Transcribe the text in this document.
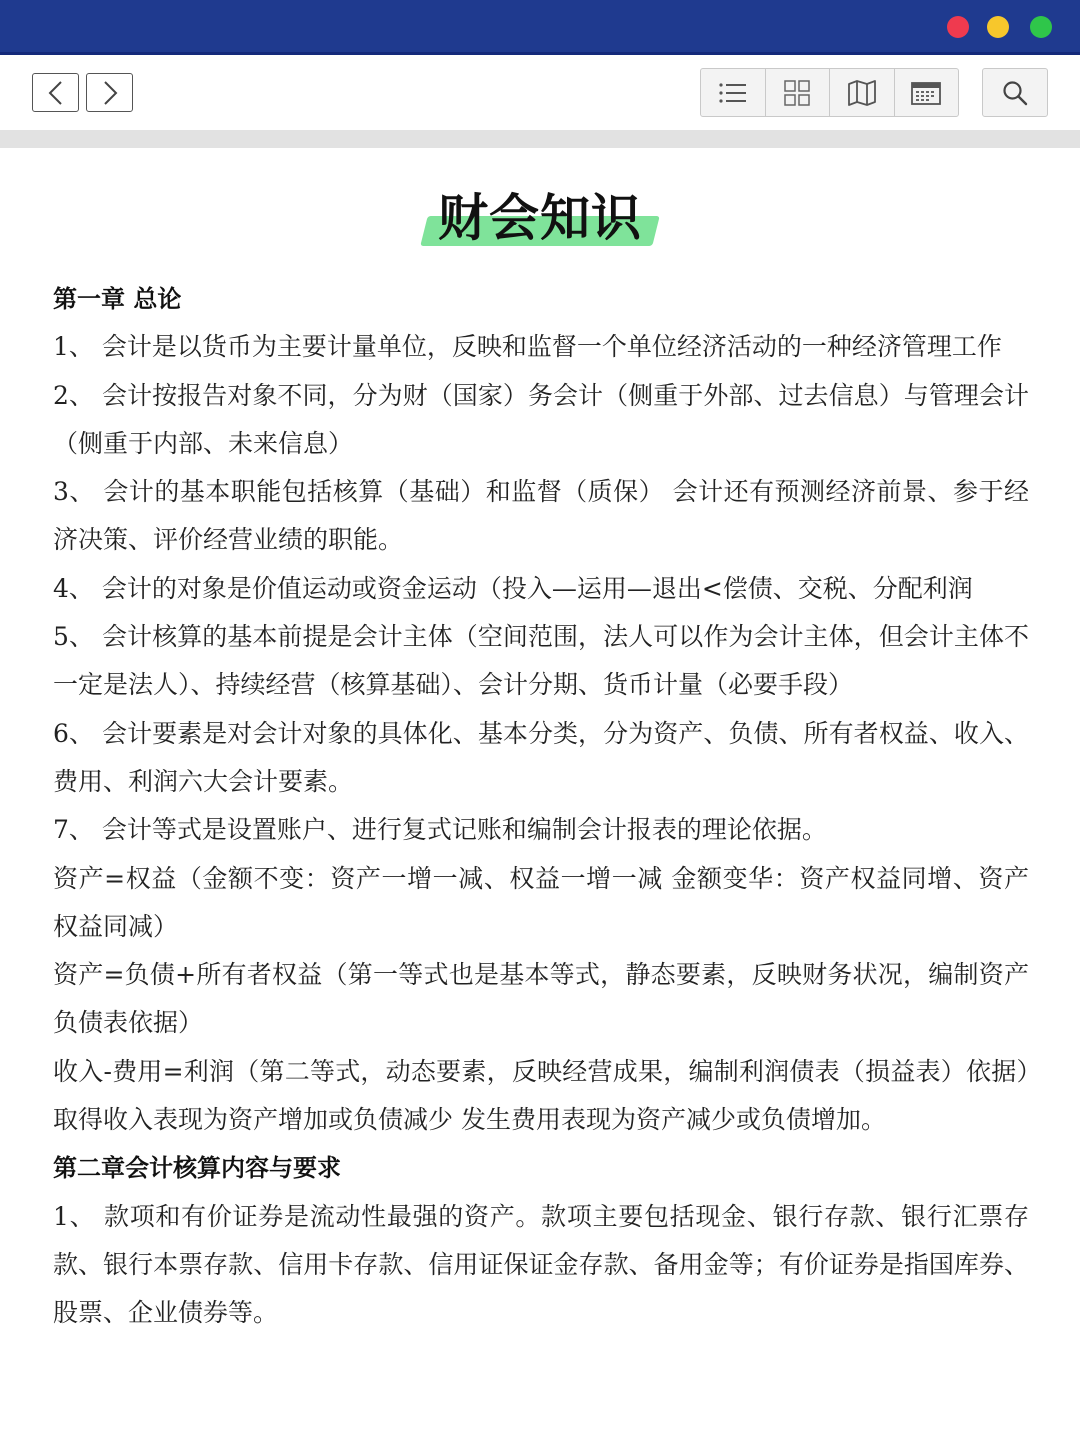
财会知识

第一章 总论

1、 会计是以货币为主要计量单位，反映和监督一个单位经济活动的一种经济管理工作

2、 会计按报告对象不同，分为财（国家）务会计（侧重于外部、过去信息）与管理会计（侧重于内部、未来信息）

3、 会计的基本职能包括核算（基础）和监督（质保） 会计还有预测经济前景、参于经济决策、评价经营业绩的职能。

4、 会计的对象是价值运动或资金运动（投入—运用—退出<偿债、交税、分配利润

5、 会计核算的基本前提是会计主体（空间范围，法人可以作为会计主体，但会计主体不一定是法人）、持续经营（核算基础）、会计分期、货币计量（必要手段）

6、 会计要素是对会计对象的具体化、基本分类，分为资产、负债、所有者权益、收入、费用、利润六大会计要素。

7、 会计等式是设置账户、进行复式记账和编制会计报表的理论依据。

资产=权益（金额不变：资产一增一减、权益一增一减 金额变华：资产权益同增、资产权益同减）

资产=负债+所有者权益（第一等式也是基本等式，静态要素，反映财务状况，编制资产负债表依据）

收入-费用=利润（第二等式，动态要素，反映经营成果，编制利润债表（损益表）依据）取得收入表现为资产增加或负债减少 发生费用表现为资产减少或负债增加。

第二章会计核算内容与要求

1、 款项和有价证券是流动性最强的资产。款项主要包括现金、银行存款、银行汇票存款、银行本票存款、信用卡存款、信用证保证金存款、备用金等；有价证券是指国库券、股票、企业债券等。
